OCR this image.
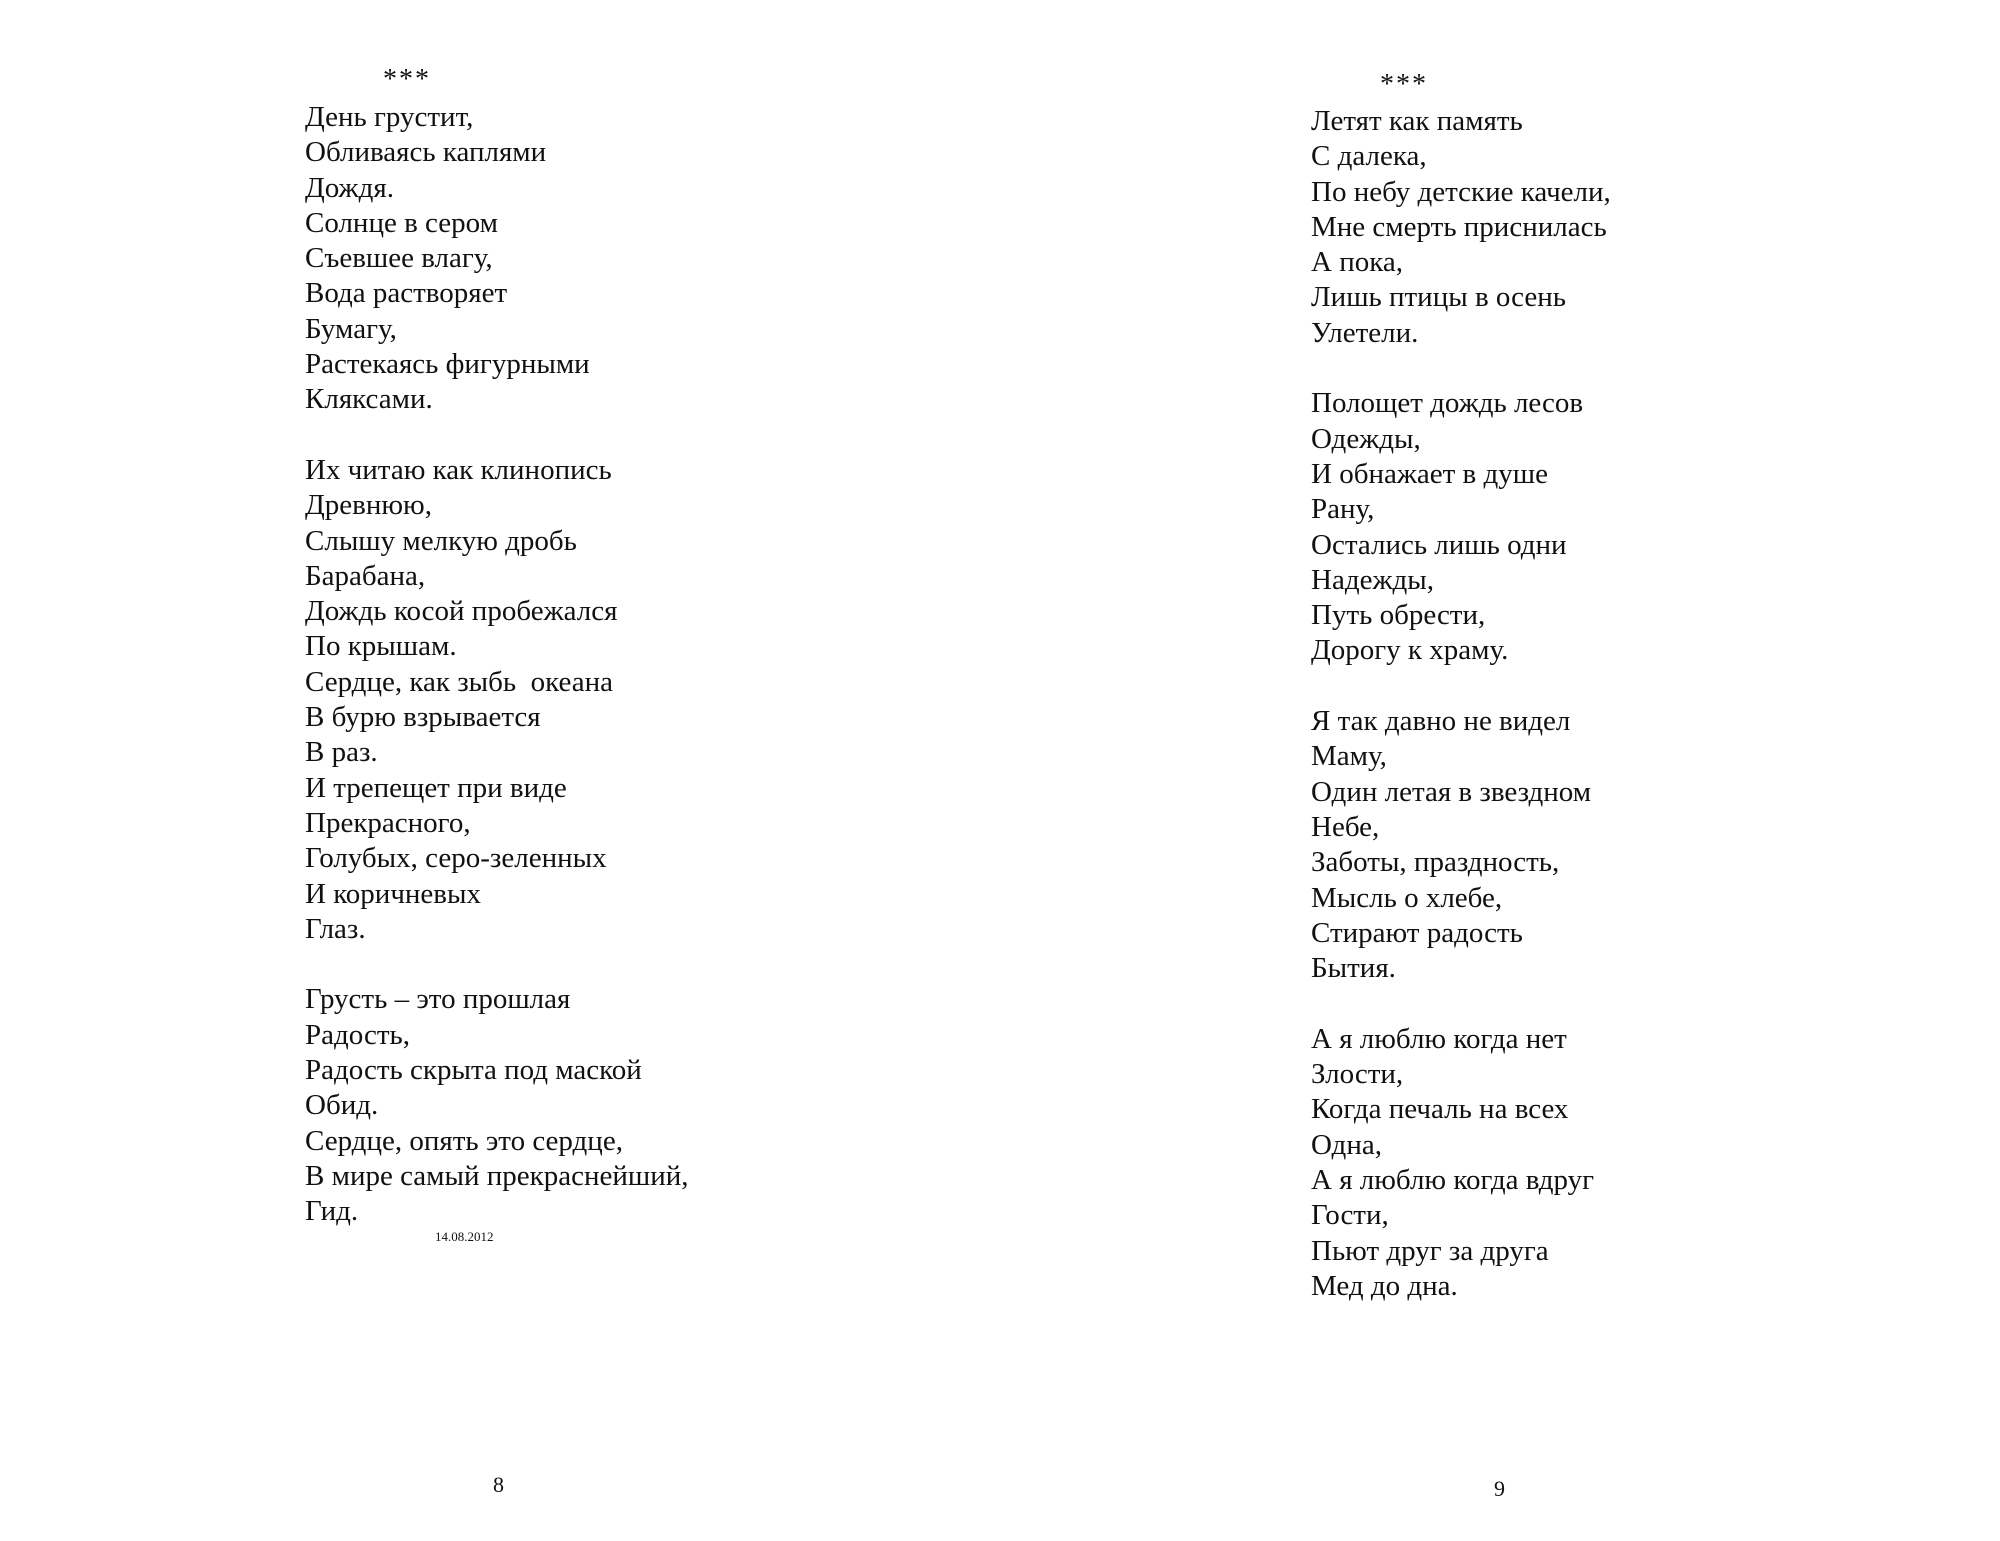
***
День грустит,
Обливаясь каплями
Дождя.
Солнце в сером
Съевшее влагу,
Вода растворяет
Бумагу,
Растекаясь фигурными
Кляксами.
Их читаю как клинопись
Древнюю,
Слышу мелкую дробь
Барабана,
Дождь косой пробежался
По крышам.
Сердце, как зыбь  океана
В бурю взрывается
В раз.
И трепещет при виде
Прекрасного,
Голубых, серо-зеленных
И коричневых
Глаз.
Грусть – это прошлая
Радость,
Радость скрыта под маской
Обид.
Сердце, опять это сердце,
В мире самый прекраснейший,
Гид.
14.08.2012
8
***
Летят как память
С далека,
По небу детские качели,
Мне смерть приснилась
А пока,
Лишь птицы в осень
Улетели.
Полощет дождь лесов
Одежды,
И обнажает в душе
Рану,
Остались лишь одни
Надежды,
Путь обрести,
Дорогу к храму.
Я так давно не видел
Маму,
Один летая в звездном
Небе,
Заботы, праздность,
Мысль о хлебе,
Стирают радость
Бытия.
А я люблю когда нет
Злости,
Когда печаль на всех
Одна,
А я люблю когда вдруг
Гости,
Пьют друг за друга
Мед до дна.
9
